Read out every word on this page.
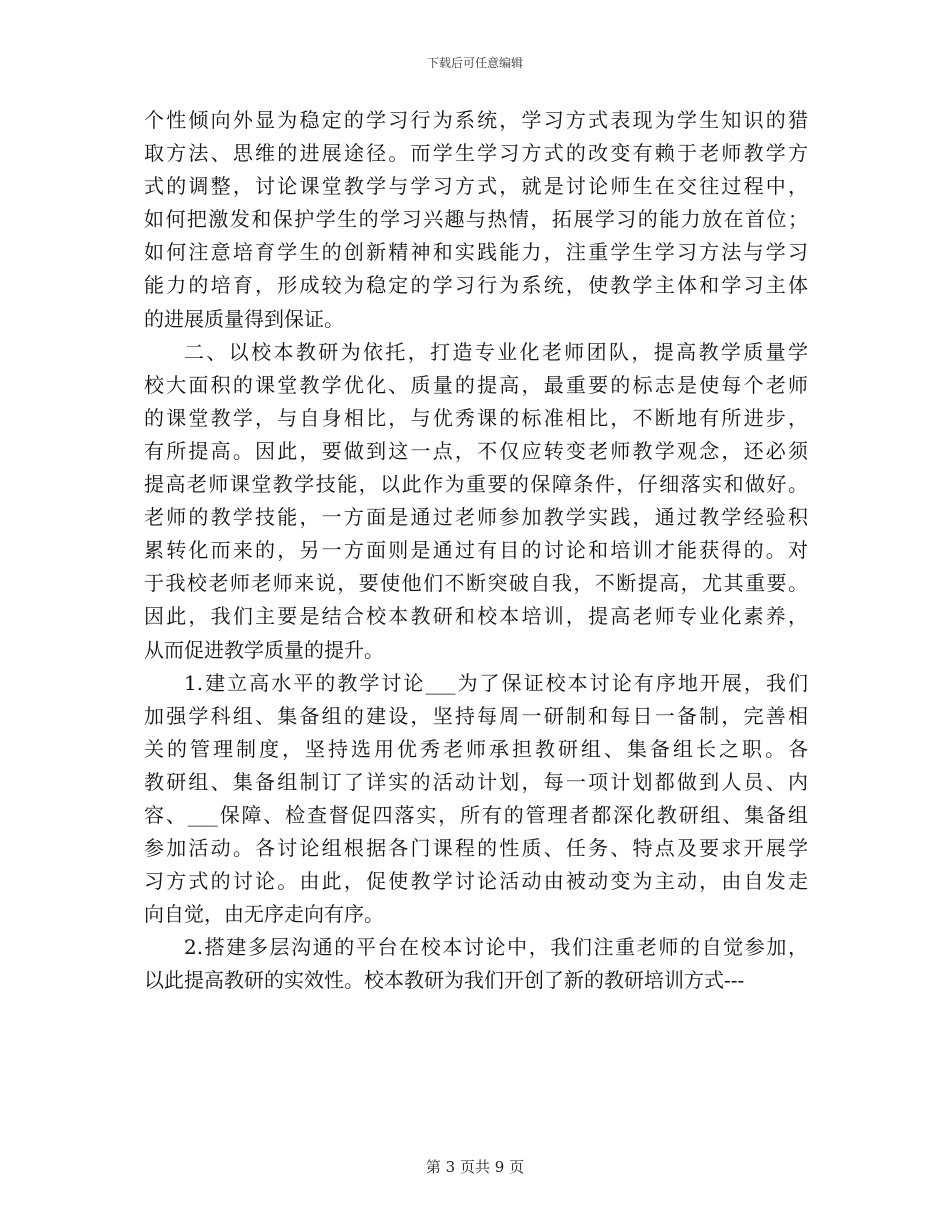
下载后可任意编辑
个性倾向外显为稳定的学习行为系统，学习方式表现为学生知识的猎
取方法、思维的进展途径。而学生学习方式的改变有赖于老师教学方
式的调整，讨论课堂教学与学习方式，就是讨论师生在交往过程中，
如何把激发和保护学生的学习兴趣与热情，拓展学习的能力放在首位；
如何注意培育学生的创新精神和实践能力，注重学生学习方法与学习
能力的培育，形成较为稳定的学习行为系统，使教学主体和学习主体
的进展质量得到保证。
二、以校本教研为依托，打造专业化老师团队，提高教学质量学
校大面积的课堂教学优化、质量的提高，最重要的标志是使每个老师
的课堂教学，与自身相比，与优秀课的标准相比，不断地有所进步，
有所提高。因此，要做到这一点，不仅应转变老师教学观念，还必须
提高老师课堂教学技能，以此作为重要的保障条件，仔细落实和做好。
老师的教学技能，一方面是通过老师参加教学实践，通过教学经验积
累转化而来的，另一方面则是通过有目的讨论和培训才能获得的。对
于我校老师老师来说，要使他们不断突破自我，不断提高，尤其重要。
因此，我们主要是结合校本教研和校本培训，提高老师专业化素养，
从而促进教学质量的提升。
1.建立高水平的教学讨论___为了保证校本讨论有序地开展，我们
加强学科组、集备组的建设，坚持每周一研制和每日一备制，完善相
关的管理制度，坚持选用优秀老师承担教研组、集备组长之职。各
教研组、集备组制订了详实的活动计划，每一项计划都做到人员、内
容、___保障、检查督促四落实，所有的管理者都深化教研组、集备组
参加活动。各讨论组根据各门课程的性质、任务、特点及要求开展学
习方式的讨论。由此，促使教学讨论活动由被动变为主动，由自发走
向自觉，由无序走向有序。
2.搭建多层沟通的平台在校本讨论中，我们注重老师的自觉参加，
以此提高教研的实效性。校本教研为我们开创了新的教研培训方式---
第 3 页共 9 页
